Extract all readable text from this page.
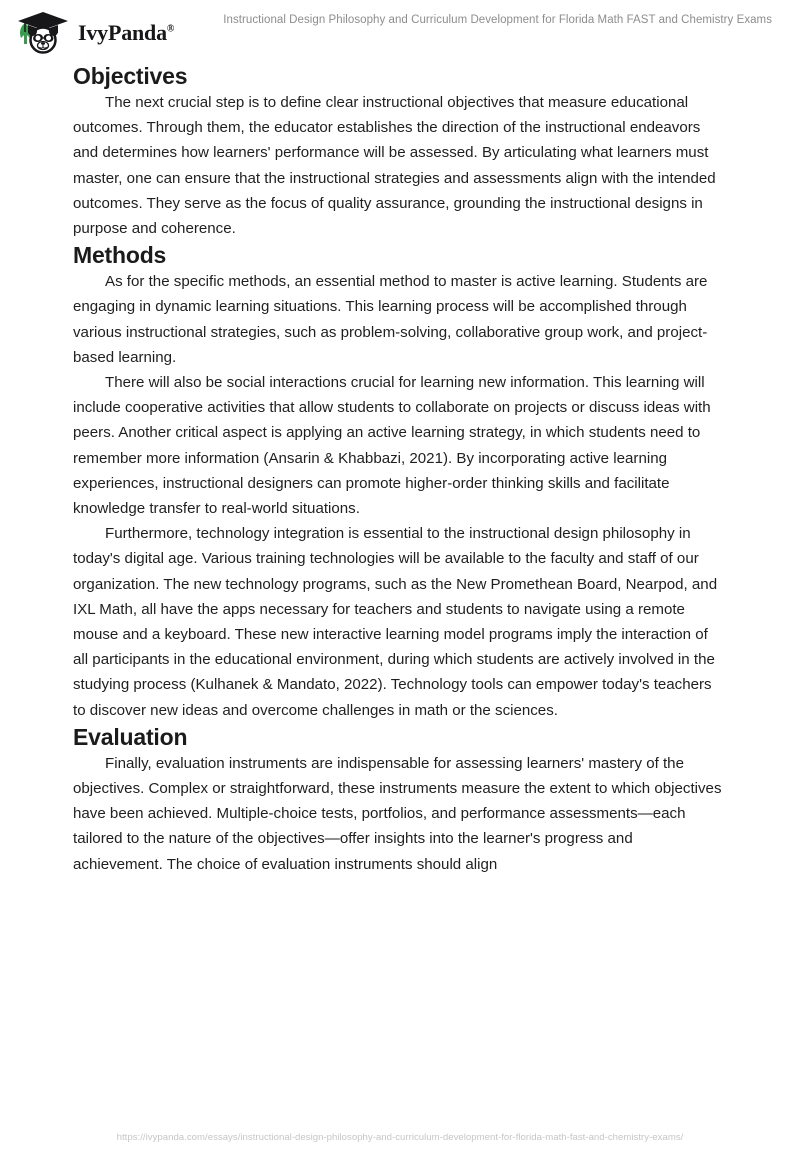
IvyPanda®
Instructional Design Philosophy and Curriculum Development for Florida Math FAST and Chemistry Exams
Objectives

The next crucial step is to define clear instructional objectives that measure educational outcomes. Through them, the educator establishes the direction of the instructional endeavors and determines how learners' performance will be assessed. By articulating what learners must master, one can ensure that the instructional strategies and assessments align with the intended outcomes. They serve as the focus of quality assurance, grounding the instructional designs in purpose and coherence.

Methods

As for the specific methods, an essential method to master is active learning. Students are engaging in dynamic learning situations. This learning process will be accomplished through various instructional strategies, such as problem-solving, collaborative group work, and project-based learning.

There will also be social interactions crucial for learning new information. This learning will include cooperative activities that allow students to collaborate on projects or discuss ideas with peers. Another critical aspect is applying an active learning strategy, in which students need to remember more information (Ansarin & Khabbazi, 2021). By incorporating active learning experiences, instructional designers can promote higher-order thinking skills and facilitate knowledge transfer to real-world situations.

Furthermore, technology integration is essential to the instructional design philosophy in today's digital age. Various training technologies will be available to the faculty and staff of our organization. The new technology programs, such as the New Promethean Board, Nearpod, and IXL Math, all have the apps necessary for teachers and students to navigate using a remote mouse and a keyboard. These new interactive learning model programs imply the interaction of all participants in the educational environment, during which students are actively involved in the studying process (Kulhanek & Mandato, 2022). Technology tools can empower today's teachers to discover new ideas and overcome challenges in math or the sciences.

Evaluation

Finally, evaluation instruments are indispensable for assessing learners' mastery of the objectives. Complex or straightforward, these instruments measure the extent to which objectives have been achieved. Multiple-choice tests, portfolios, and performance assessments—each tailored to the nature of the objectives—offer insights into the learner's progress and achievement. The choice of evaluation instruments should align

https://ivypanda.com/essays/instructional-design-philosophy-and-curriculum-development-for-florida-math-fast-and-chemistry-exams/
